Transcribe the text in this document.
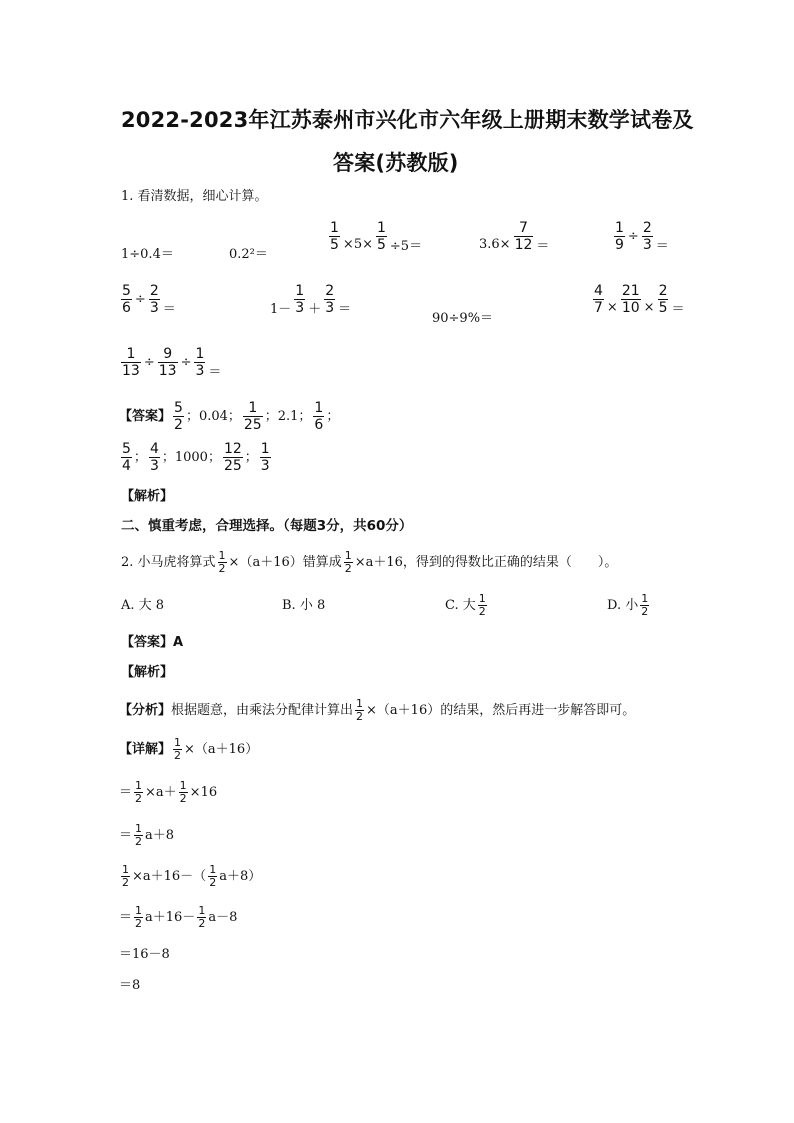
2022-2023年江苏泰州市兴化市六年级上册期末数学试卷及
答案(苏教版)
1. 看清数据，细心计算。
1÷0.4＝	0.2²＝
$\frac{1}{5} \times 5\times \frac{1}{5} \div 5=$	$3.6\times \frac{7}{12}$ ＝	$\frac{1}{9} \div \frac{2}{3}$ ＝
$\frac{5}{6} \div \frac{2}{3}$ ＝	$1- \frac{1}{3} + \frac{2}{3}$ ＝
90÷9%＝
$\frac{4}{7} \times \frac{21}{10} \times \frac{2}{5}$ ＝
$\frac{1}{13} \div \frac{9}{13} \div \frac{1}{3}$ ＝
【答案】 $\frac{5}{2}$ ；0.04； $\frac{1}{25}$ ；2.1； $\frac{1}{6}$ ；
$\frac{5}{4}$ ； $\frac{4}{3}$ ；1000； $\frac{12}{25}$ ； $\frac{1}{3}$
【解析】
二、慎重考虑，合理选择。（每题3分，共60分）
2. 小马虎将算式 $\frac{1}{2} \times(a+16)$错算成 $\frac{1}{2} \times a+16$，得到的得数比正确的结果（　　）。
A. 大 8	B. 小 8	C. 大 $\frac{1}{2}$	D. 小 $\frac{1}{2}$
【答案】A
【解析】
【分析】 根据题意，由乘法分配律计算出 $\frac{1}{2} \times(a+16)$的结果，然后再进一步解答即可。
【详解】 $\frac{1}{2} \times(a+16)$
＝ $\frac{1}{2} \times a+ \frac{1}{2} \times 16$
＝ $\frac{1}{2} a+8$
$\frac{1}{2} \times a+16-( \frac{1}{2} a+8)$
＝ $\frac{1}{2} a+16- \frac{1}{2} a-8$
＝16－8
＝8
